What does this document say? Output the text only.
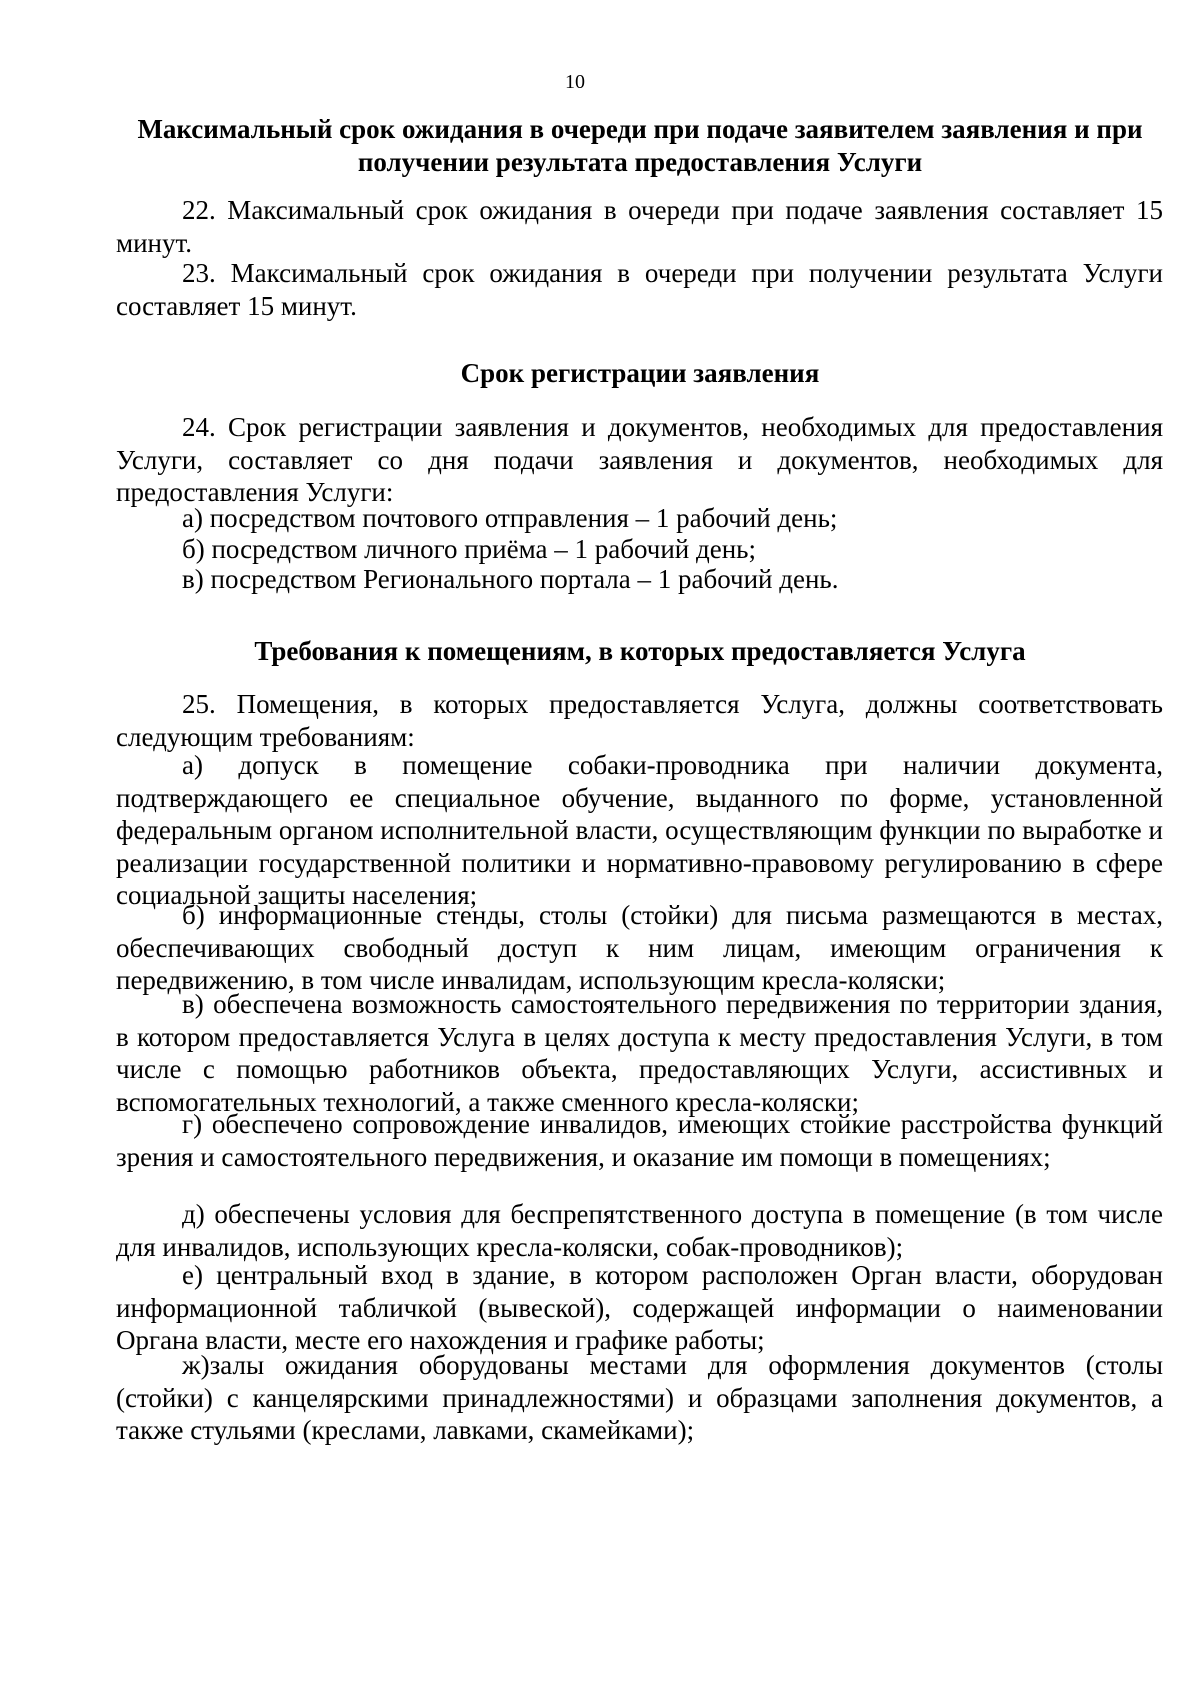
10
Максимальный срок ожидания в очереди при подаче заявителем заявления и при получении результата предоставления Услуги

22. Максимальный срок ожидания в очереди при подаче заявления составляет 15 минут.

23. Максимальный срок ожидания в очереди при получении результата Услуги составляет 15 минут.

Срок регистрации заявления

24. Срок регистрации заявления и документов, необходимых для предоставления Услуги, составляет со дня подачи заявления и документов, необходимых для предоставления Услуги:

а) посредством почтового отправления – 1 рабочий день;

б) посредством личного приёма – 1 рабочий день;

в) посредством Регионального портала – 1 рабочий день.

Требования к помещениям, в которых предоставляется Услуга

25. Помещения, в которых предоставляется Услуга, должны соответствовать следующим требованиям:

а) допуск в помещение собаки-проводника при наличии документа, подтверждающего ее специальное обучение, выданного по форме, установленной федеральным органом исполнительной власти, осуществляющим функции по выработке и реализации государственной политики и нормативно-правовому регулированию в сфере социальной защиты населения;

б) информационные стенды, столы (стойки) для письма размещаются в местах, обеспечивающих свободный доступ к ним лицам, имеющим ограничения к передвижению, в том числе инвалидам, использующим кресла-коляски;

в) обеспечена возможность самостоятельного передвижения по территории здания, в котором предоставляется Услуга в целях доступа к месту предоставления Услуги, в том числе с помощью работников объекта, предоставляющих Услуги, ассистивных и вспомогательных технологий, а также сменного кресла-коляски;

г) обеспечено сопровождение инвалидов, имеющих стойкие расстройства функций зрения и самостоятельного передвижения, и оказание им помощи в помещениях;

д) обеспечены условия для беспрепятственного доступа в помещение (в том числе для инвалидов, использующих кресла-коляски, собак-проводников);

е) центральный вход в здание, в котором расположен Орган власти, оборудован информационной табличкой (вывеской), содержащей информации о наименовании Органа власти, месте его нахождения и графике работы;

ж)залы ожидания оборудованы местами для оформления документов (столы (стойки) с канцелярскими принадлежностями) и образцами заполнения документов, а также стульями (креслами, лавками, скамейками);
